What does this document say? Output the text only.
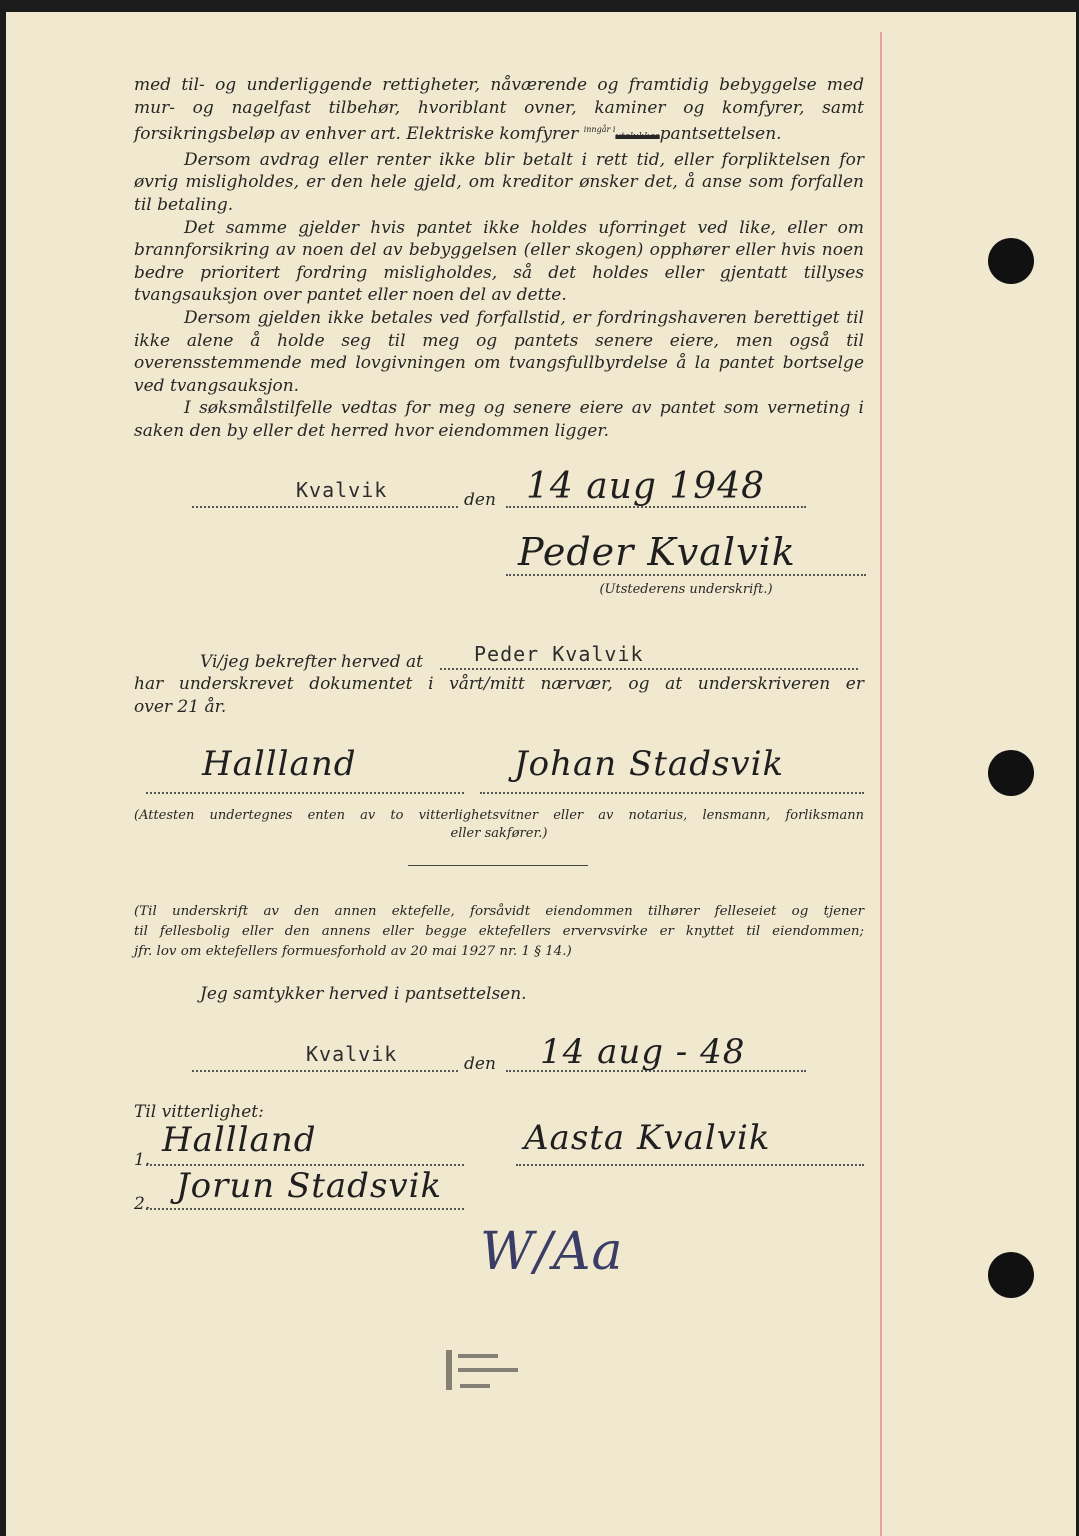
med til- og underliggende rettigheter, nåværende og framtidig bebyggelse med mur- og nagelfast tilbehør, hvoriblant ovner, kaminer og komfyrer, samt forsikringsbeløp av enhver art. Elektriske komfyrer $^{inngår i}$utelukkespantsettelsen.

Dersom avdrag eller renter ikke blir betalt i rett tid, eller forpliktelsen for øvrig misligholdes, er den hele gjeld, om kreditor ønsker det, å anse som forfallen til betaling.

Det samme gjelder hvis pantet ikke holdes uforringet ved like, eller om brannforsikring av noen del av bebyggelsen (eller skogen) opphører eller hvis noen bedre prioritert fordring misligholdes, så det holdes eller gjentatt tillyses tvangsauksjon over pantet eller noen del av dette.

Dersom gjelden ikke betales ved forfallstid, er fordringshaveren berettiget til ikke alene å holde seg til meg og pantets senere eiere, men også til overensstemmende med lovgivningen om tvangsfullbyrdelse å la pantet bortselge ved tvangsauksjon.

I søksmålstilfelle vedtas for meg og senere eiere av pantet som verneting i saken den by eller det herred hvor eiendommen ligger.

Kvalvik	den 14 aug 1948
Peder Kvalvik
(Utstederens underskrift.)
Vi/jeg bekrefter herved at	Peder Kvalvik
har underskrevet dokumentet i vårt/mitt nærvær, og at underskriveren er
over 21 år.
Hallland	Johan Stadsvik
(Attesten undertegnes enten av to vitterlighetsvitner eller av notarius, lensmann, forliksmann
eller sakfører.)
(Til underskrift av den annen ektefelle, forsåvidt eiendommen tilhører felleseiet og tjener
til fellesbolig eller den annens eller begge ektefellers ervervsvirke er knyttet til eiendommen;
jfr. lov om ektefellers formuesforhold av 20 mai 1927 nr. 1 § 14.)
Jeg samtykker herved i pantsettelsen.
Kvalvik	den 14 aug - 48
Til vitterlighet:
1. Hallland	Aasta Kvalvik
2. Jorun Stadsvik
W/Aa
